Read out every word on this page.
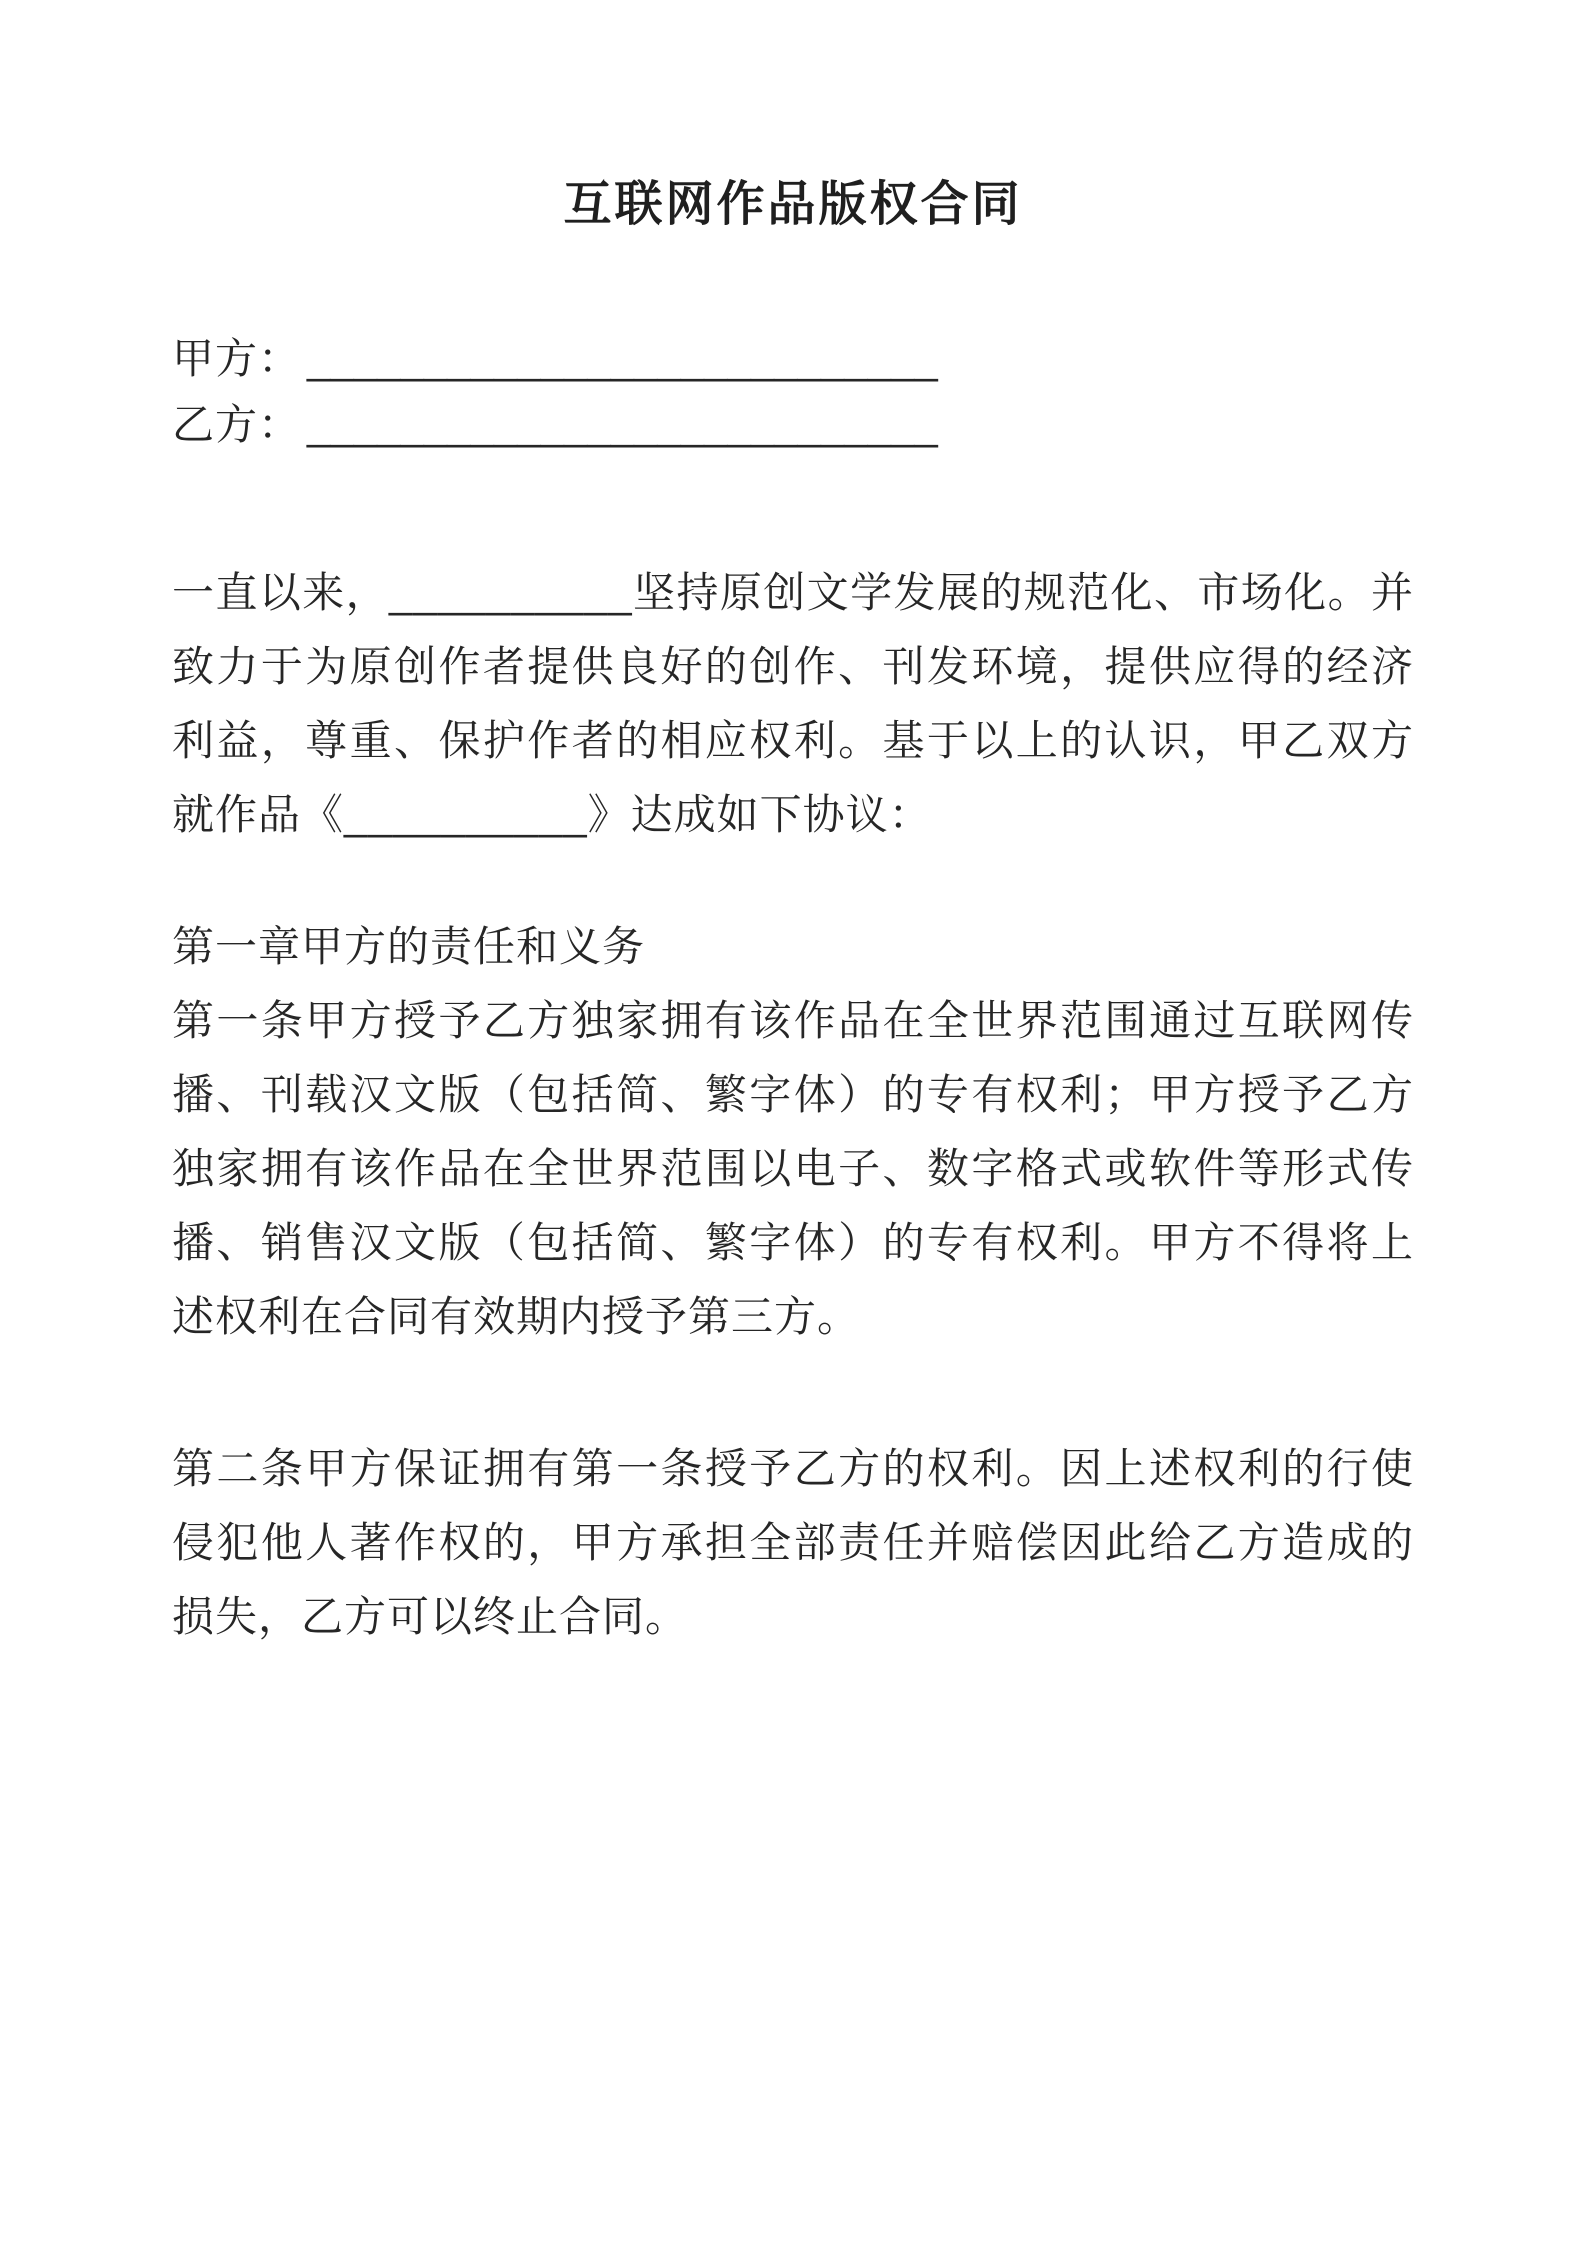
互联网作品版权合同
甲方： ___________________________
乙方： ___________________________

一直以来，__________坚持原创文学发展的规范化、市场化。并致力于为原创作者提供良好的创作、刊发环境，提供应得的经济利益，尊重、保护作者的相应权利。基于以上的认识，甲乙双方就作品《__________》达成如下协议：

第一章甲方的责任和义务

第一条甲方授予乙方独家拥有该作品在全世界范围通过互联网传播、刊载汉文版（包括简、繁字体）的专有权利；甲方授予乙方独家拥有该作品在全世界范围以电子、数字格式或软件等形式传播、销售汉文版（包括简、繁字体）的专有权利。甲方不得将上述权利在合同有效期内授予第三方。

第二条甲方保证拥有第一条授予乙方的权利。因上述权利的行使侵犯他人著作权的，甲方承担全部责任并赔偿因此给乙方造成的损失，乙方可以终止合同。
